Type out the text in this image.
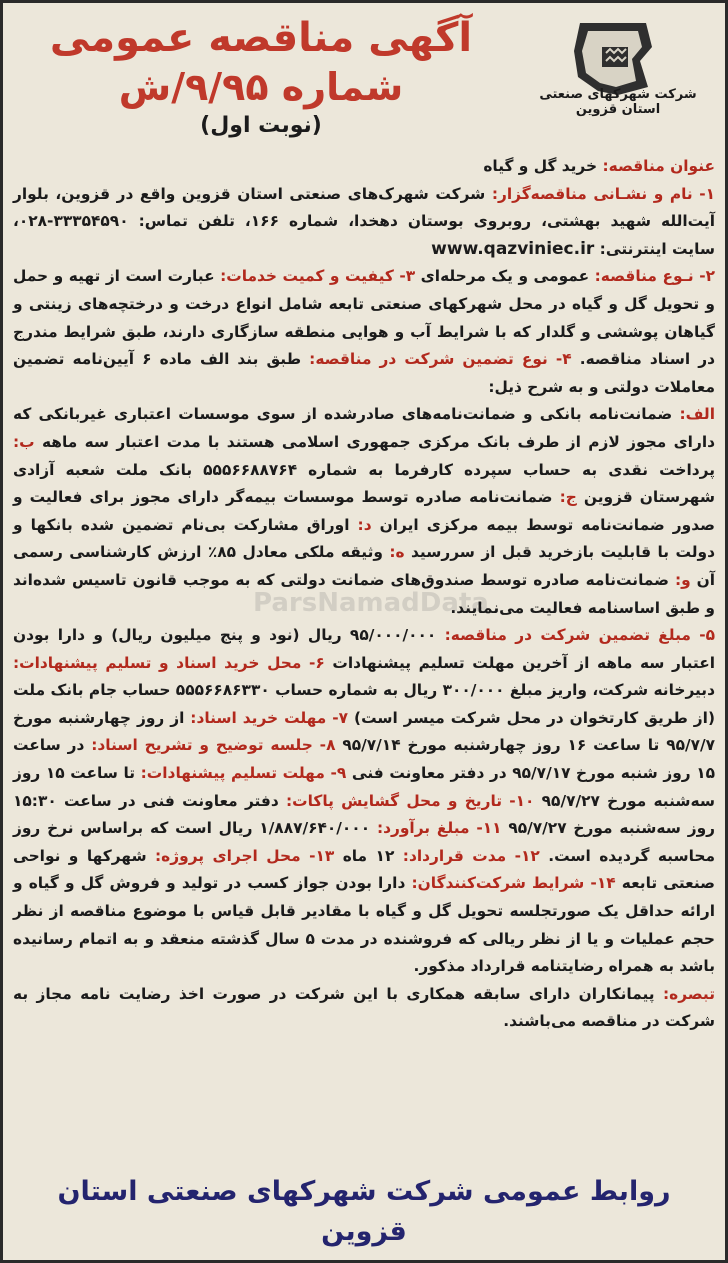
شرکت شهرکهای صنعتی استان قزوین
آگهی مناقصه عمومی
شماره ۹/۹۵/ش
(نوبت اول)
ParsNamadData

عنوان مناقصه: خرید گل و گیاه

۱- نام و نشـانی مناقصه‌گزار: شرکت شهرک‌های صنعتی استان قزوین واقع در قزوین، بلوار آیت‌الله شهید بهشتی، روبروی بوستان دهخدا، شماره ۱۶۶، تلفن تماس: ۳۳۳۵۴۵۹۰-۰۲۸، سایت اینترنتی: www.qazviniec.ir

۲- نـوع مناقصه: عمومی و یک مرحله‌ای ۳- کیفیت و کمیت خدمات: عبارت است از تهیه و حمل و تحویل گل و گیاه در محل شهرکهای صنعتی تابعه شامل انواع درخت و درختچه‌های زینتی و گیاهان پوششی و گلدار که با شرایط آب و هوایی منطقه سازگاری دارند، طبق شرایط مندرج در اسناد مناقصه. ۴- نوع تضمین شرکت در مناقصه: طبق بند الف ماده ۶ آیین‌نامه تضمین معاملات دولتی و به شرح ذیل:

الف: ضمانت‌نامه بانکی و ضمانت‌نامه‌های صادرشده از سوی موسسات اعتباری غیربانکی که دارای مجوز لازم از طرف بانک مرکزی جمهوری اسلامی هستند با مدت اعتبار سه ماهه ب: پرداخت نقدی به حساب سپرده کارفرما به شماره ۵۵۵۶۶۸۸۷۶۴ بانک ملت شعبه آزادی شهرستان قزوین ج: ضمانت‌نامه صادره توسط موسسات بیمه‌گر دارای مجوز برای فعالیت و صدور ضمانت‌نامه توسط بیمه مرکزی ایران د: اوراق مشارکت بی‌نام تضمین شده بانکها و دولت با قابلیت بازخرید قبل از سررسید ه: وثیقه ملکی معادل ۸۵٪ ارزش کارشناسی رسمی آن و: ضمانت‌نامه صادره توسط صندوق‌های ضمانت دولتی که به موجب قانون تاسیس شده‌اند و طبق اساسنامه فعالیت می‌نمایند.

۵- مبلغ تضمین شرکت در مناقصه: ۹۵/۰۰۰/۰۰۰ ریال (نود و پنج میلیون ریال) و دارا بودن اعتبار سه ماهه از آخرین مهلت تسلیم پیشنهادات ۶- محل خرید اسناد و تسلیم پیشنهادات: دبیرخانه شرکت، واریز مبلغ ۳۰۰/۰۰۰ ریال به شماره حساب ۵۵۵۶۶۸۶۳۳۰ حساب جام بانک ملت (از طریق کارتخوان در محل شرکت میسر است) ۷- مهلت خرید اسناد: از روز چهارشنبه مورخ ۹۵/۷/۷ تا ساعت ۱۶ روز چهارشنبه مورخ ۹۵/۷/۱۴ ۸- جلسه توضیح و تشریح اسناد: در ساعت ۱۵ روز شنبه مورخ ۹۵/۷/۱۷ در دفتر معاونت فنی ۹- مهلت تسلیم پیشنهادات: تا ساعت ۱۵ روز سه‌شنبه مورخ ۹۵/۷/۲۷ ۱۰- تاریخ و محل گشایش پاکات: دفتر معاونت فنی در ساعت ۱۵:۳۰ روز سه‌شنبه مورخ ۹۵/۷/۲۷ ۱۱- مبلغ برآورد: ۱/۸۸۷/۶۴۰/۰۰۰ ریال است که براساس نرخ روز محاسبه گردیده است. ۱۲- مدت قرارداد: ۱۲ ماه ۱۳- محل اجرای پروژه: شهرکها و نواحی صنعتی تابعه ۱۴- شرایط شرکت‌کنندگان: دارا بودن جواز کسب در تولید و فروش گل و گیاه و ارائه حداقل یک صورتجلسه تحویل گل و گیاه با مقادیر قابل قیاس با موضوع مناقصه از نظر حجم عملیات و یا از نظر ریالی که فروشنده در مدت ۵ سال گذشته منعقد و به اتمام رسانیده باشد به همراه رضایتنامه قرارداد مذکور.

تبصره: پیمانکاران دارای سابقه همکاری با این شرکت در صورت اخذ رضایت نامه مجاز به شرکت در مناقصه می‌باشند.

روابط عمومی شرکت شهرکهای صنعتی استان قزوین
